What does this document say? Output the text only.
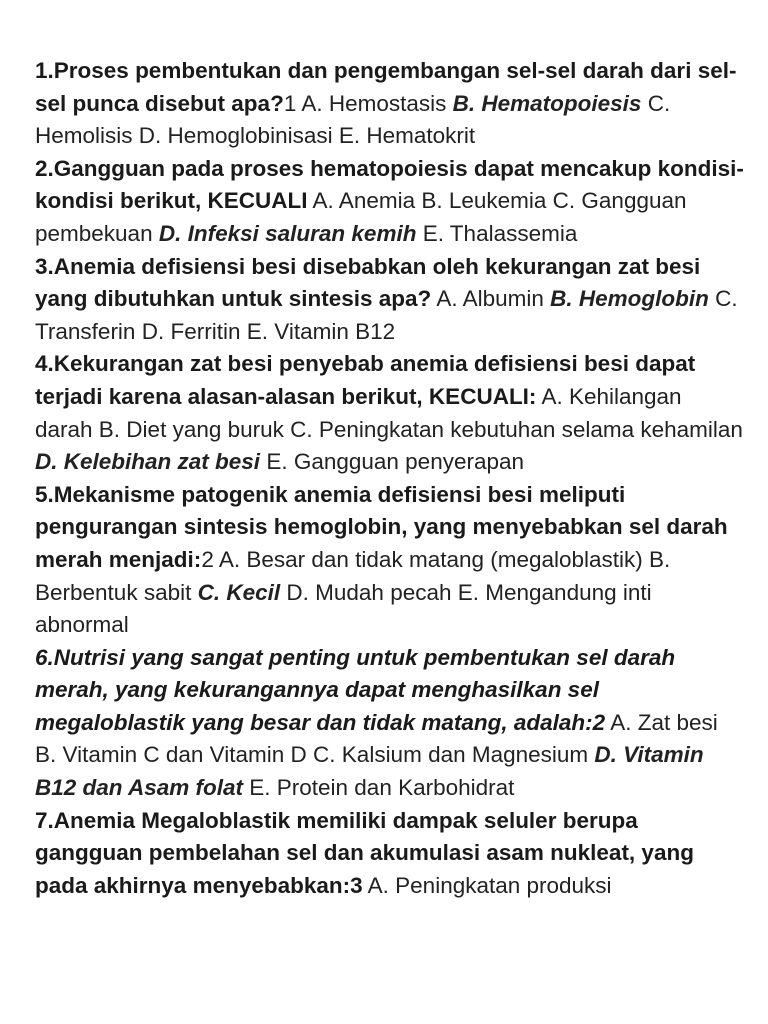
1.Proses pembentukan dan pengembangan sel-sel darah dari sel-sel punca disebut apa?1 A. Hemostasis B. Hematopoiesis C. Hemolisis D. Hemoglobinisasi E. Hematokrit

2.Gangguan pada proses hematopoiesis dapat mencakup kondisi-kondisi berikut, KECUALI A. Anemia B. Leukemia C. Gangguan pembekuan D. Infeksi saluran kemih E. Thalassemia

3.Anemia defisiensi besi disebabkan oleh kekurangan zat besi yang dibutuhkan untuk sintesis apa? A. Albumin B. Hemoglobin C. Transferin D. Ferritin E. Vitamin B12

4.Kekurangan zat besi penyebab anemia defisiensi besi dapat terjadi karena alasan-alasan berikut, KECUALI: A. Kehilangan darah B. Diet yang buruk C. Peningkatan kebutuhan selama kehamilan D. Kelebihan zat besi E. Gangguan penyerapan

5.Mekanisme patogenik anemia defisiensi besi meliputi pengurangan sintesis hemoglobin, yang menyebabkan sel darah merah menjadi:2 A. Besar dan tidak matang (megaloblastik) B. Berbentuk sabit C. Kecil D. Mudah pecah E. Mengandung inti abnormal

6.Nutrisi yang sangat penting untuk pembentukan sel darah merah, yang kekurangannya dapat menghasilkan sel megaloblastik yang besar dan tidak matang, adalah:2 A. Zat besi B. Vitamin C dan Vitamin D C. Kalsium dan Magnesium D. Vitamin B12 dan Asam folat E. Protein dan Karbohidrat

7.Anemia Megaloblastik memiliki dampak seluler berupa gangguan pembelahan sel dan akumulasi asam nukleat, yang pada akhirnya menyebabkan:3 A. Peningkatan produksi
